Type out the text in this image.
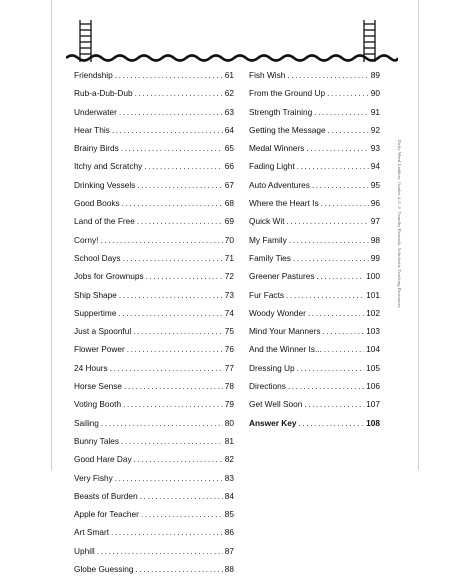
Friendship .....	61
Rub-a-Dub-Dub .....	62
Underwater .....	63
Hear This .....	64
Brainy Birds .....	65
Itchy and Scratchy .....	66
Drinking Vessels .....	67
Good Books .....	68
Land of the Free .....	69
Corny! .....	70
School Days .....	71
Jobs for Grownups .....	72
Ship Shape .....	73
Suppertime .....	74
Just a Spoonful .....	75
Flower Power .....	76
24 Hours .....	77
Horse Sense .....	78
Voting Booth .....	79
Sailing .....	80
Bunny Tales .....	81
Good Hare Day .....	82
Very Fishy .....	83
Beasts of Burden .....	84
Apple for Teacher .....	85
Art Smart .....	86
Uphill .....	87
Globe Guessing .....	88
Fish Wish .....	89
From the Ground Up .....	90
Strength Training .....	91
Getting the Message .....	92
Medal Winners .....	93
Fading Light .....	94
Auto Adventures .....	95
Where the Heart Is .....	96
Quick Wit .....	97
My Family .....	98
Family Ties .....	99
Greener Pastures .....	100
Fur Facts .....	101
Woody Wonder .....	102
Mind Your Manners .....	103
And the Winner Is... .....	104
Dressing Up .....	105
Directions .....	106
Get Well Soon .....	107
Answer Key .....	108
Daily Word Ladders: Grades 4–6 © Timothy Rasinski, Scholastic Teaching Resources
